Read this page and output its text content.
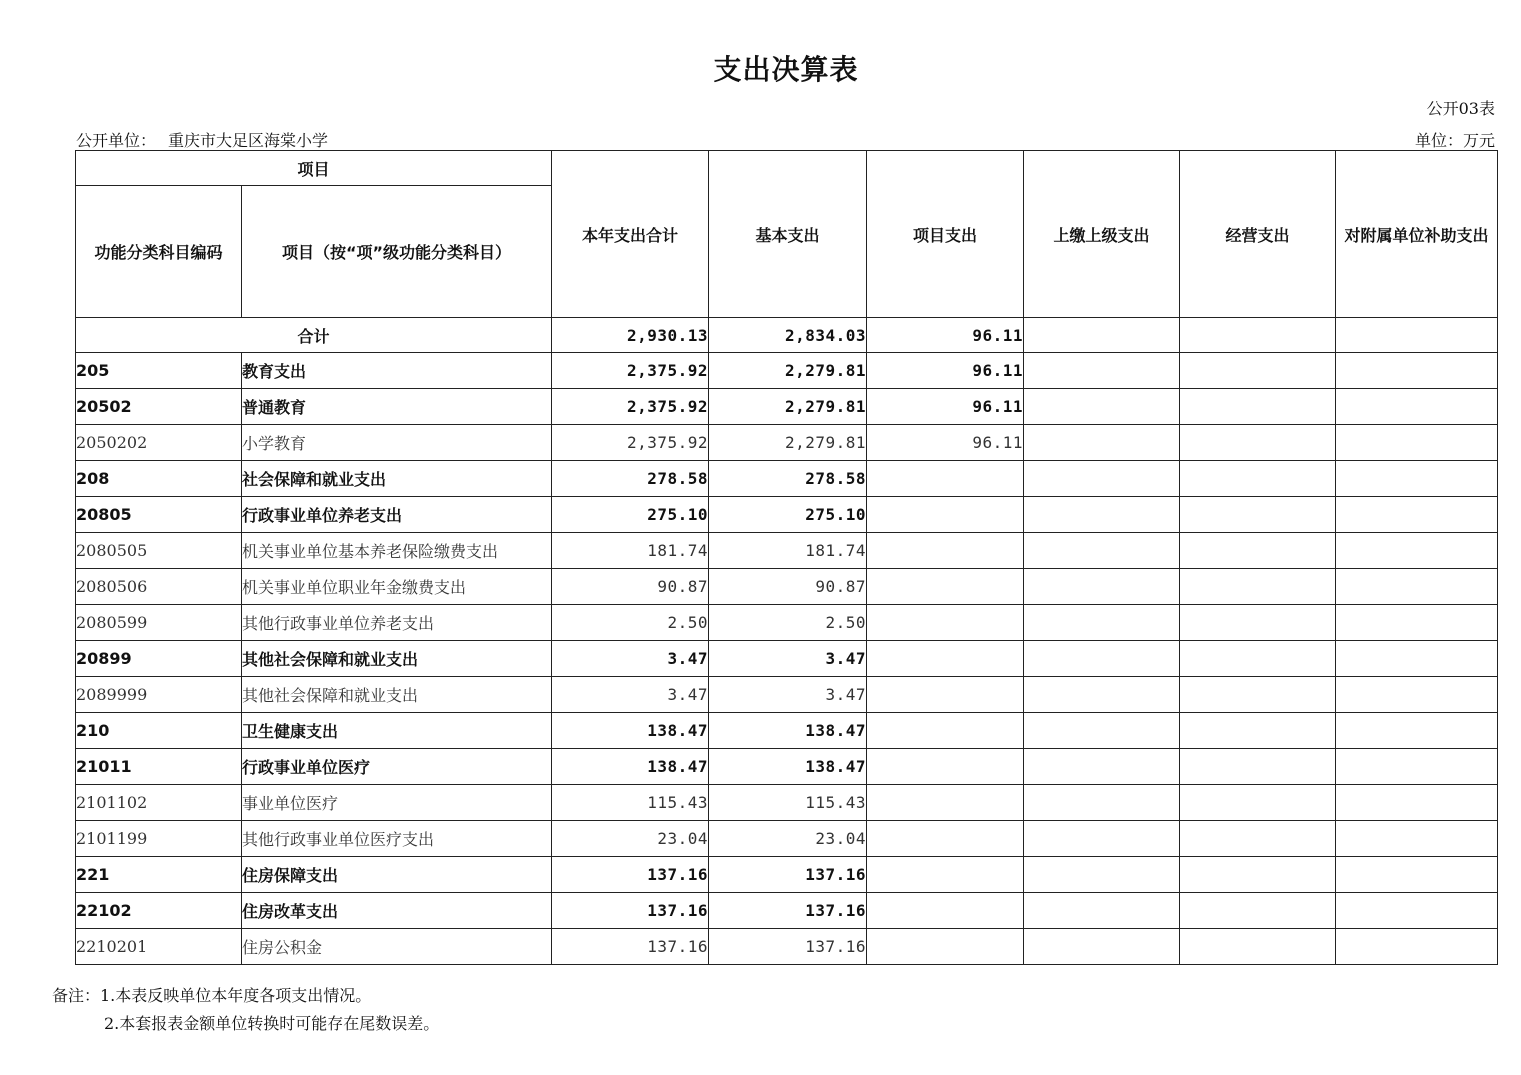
支出决算表
公开03表
公开单位： 重庆市大足区海棠小学	单位：万元
项目		本年支出合计	基本支出	项目支出	上缴上级支出	经营支出	对附属单位补助支出
功能分类科目编码	项目（按“项”级功能分类科目）						
合计		2,930.13	2,834.03	96.11			
205	教育支出	2,375.92	2,279.81	96.11			
20502	普通教育	2,375.92	2,279.81	96.11			
2050202	小学教育	2,375.92	2,279.81	96.11			
208	社会保障和就业支出	278.58	278.58				
20805	行政事业单位养老支出	275.10	275.10				
2080505	机关事业单位基本养老保险缴费支出	181.74	181.74				
2080506	机关事业单位职业年金缴费支出	90.87	90.87				
2080599	其他行政事业单位养老支出	2.50	2.50				
20899	其他社会保障和就业支出	3.47	3.47				
2089999	其他社会保障和就业支出	3.47	3.47				
210	卫生健康支出	138.47	138.47				
21011	行政事业单位医疗	138.47	138.47				
2101102	事业单位医疗	115.43	115.43				
2101199	其他行政事业单位医疗支出	23.04	23.04				
221	住房保障支出	137.16	137.16				
22102	住房改革支出	137.16	137.16				
2210201	住房公积金	137.16	137.16				
备注：1.本表反映单位本年度各项支出情况。
2.本套报表金额单位转换时可能存在尾数误差。
